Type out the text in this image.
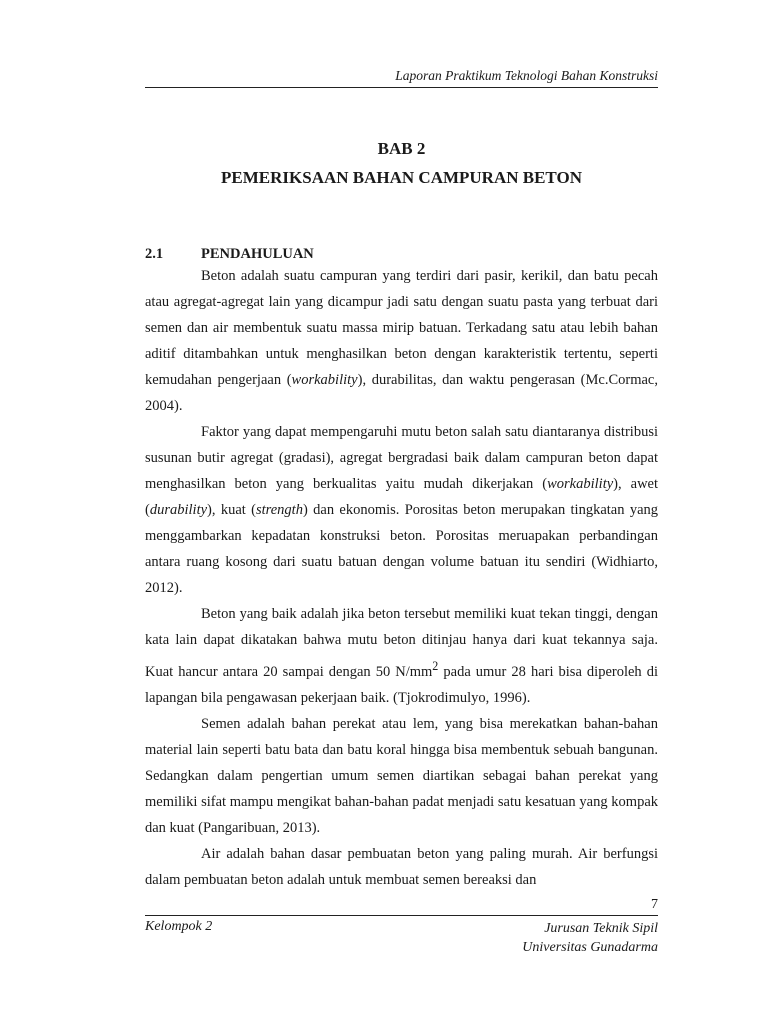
Laporan Praktikum Teknologi Bahan Konstruksi
BAB 2
PEMERIKSAAN BAHAN CAMPURAN BETON
2.1	PENDAHULUAN

Beton adalah suatu campuran yang terdiri dari pasir, kerikil, dan batu pecah atau agregat-agregat lain yang dicampur jadi satu dengan suatu pasta yang terbuat dari semen dan air membentuk suatu massa mirip batuan. Terkadang satu atau lebih bahan aditif ditambahkan untuk menghasilkan beton dengan karakteristik tertentu, seperti kemudahan pengerjaan (workability), durabilitas, dan waktu pengerasan (Mc.Cormac, 2004).

Faktor yang dapat mempengaruhi mutu beton salah satu diantaranya distribusi susunan butir agregat (gradasi), agregat bergradasi baik dalam campuran beton dapat menghasilkan beton yang berkualitas yaitu mudah dikerjakan (workability), awet (durability), kuat (strength) dan ekonomis. Porositas beton merupakan tingkatan yang menggambarkan kepadatan konstruksi beton. Porositas meruapakan perbandingan antara ruang kosong dari suatu batuan dengan volume batuan itu sendiri (Widhiarto, 2012).

Beton yang baik adalah jika beton tersebut memiliki kuat tekan tinggi, dengan kata lain dapat dikatakan bahwa mutu beton ditinjau hanya dari kuat tekannya saja. Kuat hancur antara 20 sampai dengan 50 $N/mm^2$ pada umur 28 hari bisa diperoleh di lapangan bila pengawasan pekerjaan baik. (Tjokrodimulyo, 1996).

Semen adalah bahan perekat atau lem, yang bisa merekatkan bahan-bahan material lain seperti batu bata dan batu koral hingga bisa membentuk sebuah bangunan. Sedangkan dalam pengertian umum semen diartikan sebagai bahan perekat yang memiliki sifat mampu mengikat bahan-bahan padat menjadi satu kesatuan yang kompak dan kuat (Pangaribuan, 2013).

Air adalah bahan dasar pembuatan beton yang paling murah. Air berfungsi dalam pembuatan beton adalah untuk membuat semen bereaksi dan

7
Kelompok 2	Jurusan Teknik Sipil
Universitas Gunadarma
